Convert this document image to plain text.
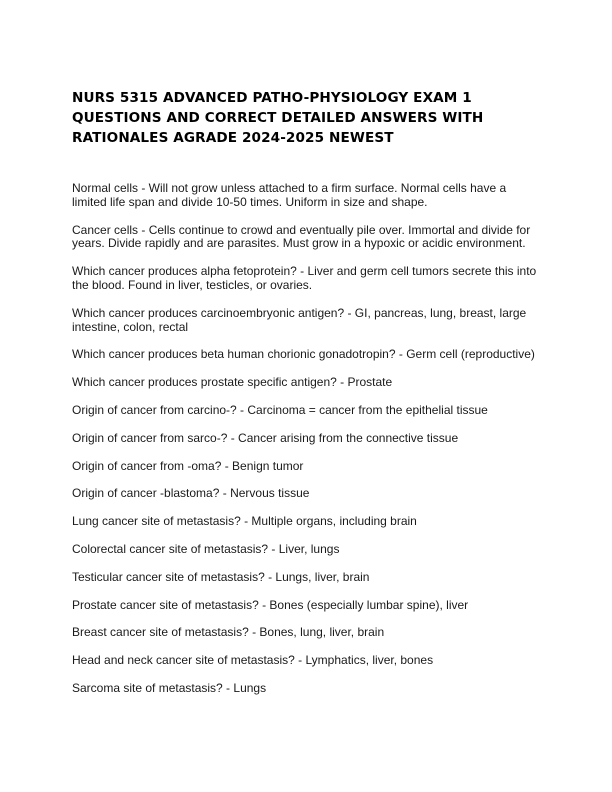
NURS 5315 ADVANCED PATHO-PHYSIOLOGY EXAM 1 QUESTIONS AND CORRECT DETAILED ANSWERS WITH RATIONALES AGRADE 2024-2025 NEWEST

Normal cells - Will not grow unless attached to a firm surface. Normal cells have a limited life span and divide 10-50 times. Uniform in size and shape.

Cancer cells - Cells continue to crowd and eventually pile over. Immortal and divide for years. Divide rapidly and are parasites. Must grow in a hypoxic or acidic environment.

Which cancer produces alpha fetoprotein? - Liver and germ cell tumors secrete this into the blood. Found in liver, testicles, or ovaries.

Which cancer produces carcinoembryonic antigen? - GI, pancreas, lung, breast, large intestine, colon, rectal

Which cancer produces beta human chorionic gonadotropin? - Germ cell (reproductive)

Which cancer produces prostate specific antigen? - Prostate

Origin of cancer from carcino-? - Carcinoma = cancer from the epithelial tissue

Origin of cancer from sarco-? - Cancer arising from the connective tissue

Origin of cancer from -oma? - Benign tumor

Origin of cancer -blastoma? - Nervous tissue

Lung cancer site of metastasis? - Multiple organs, including brain

Colorectal cancer site of metastasis? - Liver, lungs

Testicular cancer site of metastasis? - Lungs, liver, brain

Prostate cancer site of metastasis? - Bones (especially lumbar spine), liver

Breast cancer site of metastasis? - Bones, lung, liver, brain

Head and neck cancer site of metastasis? - Lymphatics, liver, bones

Sarcoma site of metastasis? - Lungs
